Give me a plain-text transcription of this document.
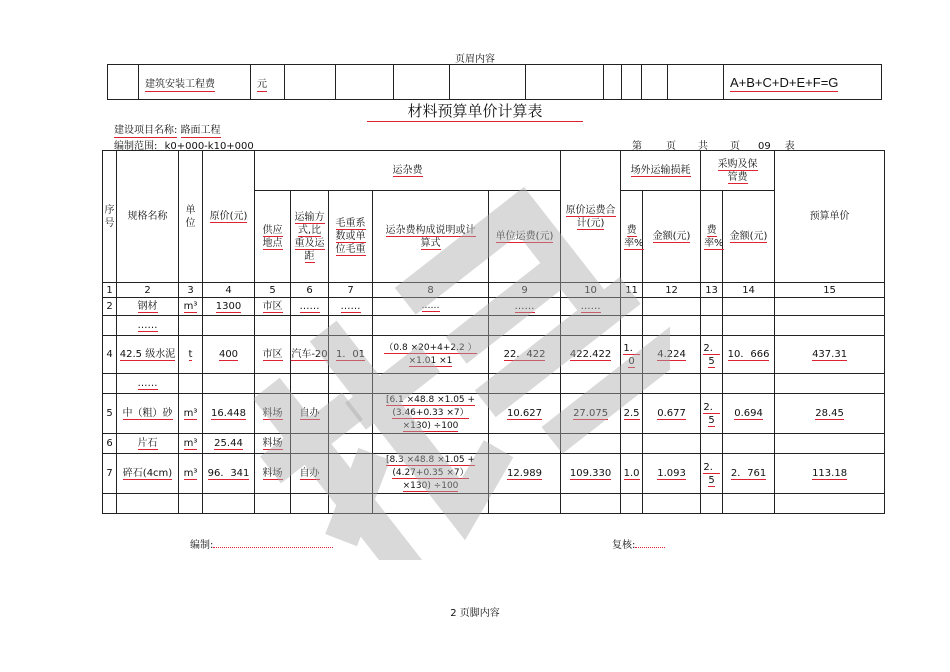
页眉内容
	建筑安装工程费	元										A+B+C+D+E+F=G
材料预算单价计算表
建设项目名称: 路面工程
编制范围: k0+000-k10+000	第 页 共 页 09 表
序号	规格名称	单位	原价(元)	运杂费					原价运费合计(元)	场外运输损耗		采购及保管费		预算单价
				供应地点	运输方式,比重及运距	毛重系数或单位毛重	运杂费构成说明或计算式	单位运费(元)		费率%	金额(元)	费率%	金额(元)	
1	2	3	4	5	6	7	8	9	10	11	12	13	14	15
2	钢材	m³	1300	市区	……	……	……	……	……					
	……													
4	42.5 级水泥	t	400	市区	汽车-20	1．01	（0.8 ×20+4+2.2 ）×1.01 ×1	22．422	422.422	1．0	4.224	2．5	10．666	437.31
	……													
5	中（粗）砂	m³	16.448	料场	自办		[6.1 ×48.8 ×1.05 +(3.46+0.33 ×7）×130) ÷100	10.627	27.075	2.5	0.677	2．5	0.694	28.45
6	片石	m³	25.44	料场										
7	碎石(4cm)	m³	96．341	料场	自办		[8.3 ×48.8 ×1.05 +(4.27+0.35 ×7）×130) ÷100	12.989	109.330	1.0	1.093	2．5	2．761	113.18

编制:	复核:
2 页脚内容
